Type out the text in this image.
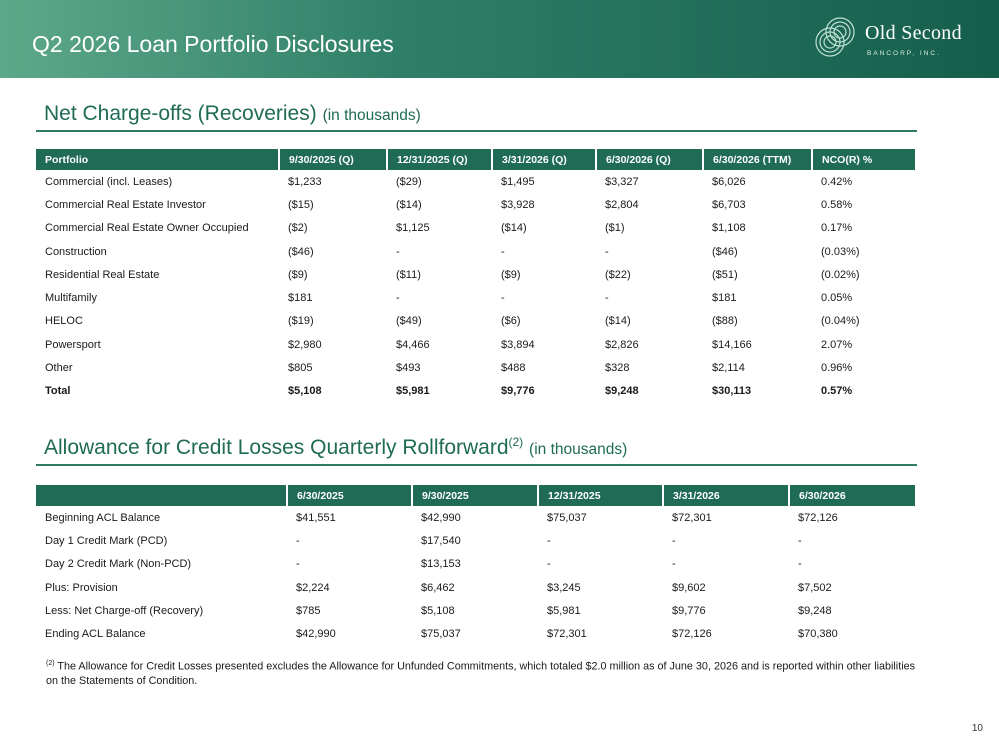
Q2 2026 Loan Portfolio Disclosures	Old Second
BANCORP, INC.
Net Charge-offs (Recoveries) (in thousands)
Portfolio	9/30/2025 (Q)	12/31/2025 (Q)	3/31/2026 (Q)	6/30/2026 (Q)	6/30/2026 (TTM)	NCO(R) %
Commercial (incl. Leases)	$1,233	($29)	$1,495	$3,327	$6,026	0.42%
Commercial Real Estate Investor	($15)	($14)	$3,928	$2,804	$6,703	0.58%
Commercial Real Estate Owner Occupied	($2)	$1,125	($14)	($1)	$1,108	0.17%
Construction	($46)	-	-	-	($46)	(0.03%)
Residential Real Estate	($9)	($11)	($9)	($22)	($51)	(0.02%)
Multifamily	$181	-	-	-	$181	0.05%
HELOC	($19)	($49)	($6)	($14)	($88)	(0.04%)
Powersport	$2,980	$4,466	$3,894	$2,826	$14,166	2.07%
Other	$805	$493	$488	$328	$2,114	0.96%
Total	$5,108	$5,981	$9,776	$9,248	$30,113	0.57%
Allowance for Credit Losses Quarterly Rollforward$^{(2)}$ (in thousands)
	6/30/2025	9/30/2025	12/31/2025	3/31/2026	6/30/2026
Beginning ACL Balance	$41,551	$42,990	$75,037	$72,301	$72,126
Day 1 Credit Mark (PCD)	-	$17,540	-	-	-
Day 2 Credit Mark (Non-PCD)	-	$13,153	-	-	-
Plus: Provision	$2,224	$6,462	$3,245	$9,602	$7,502
Less: Net Charge-off (Recovery)	$785	$5,108	$5,981	$9,776	$9,248
Ending ACL Balance	$42,990	$75,037	$72,301	$72,126	$70,380
$^{(2)}$ The Allowance for Credit Losses presented excludes the Allowance for Unfunded Commitments, which totaled $2.0 million as of June 30, 2026 and is reported within other liabilities on the Statements of Condition.
10
